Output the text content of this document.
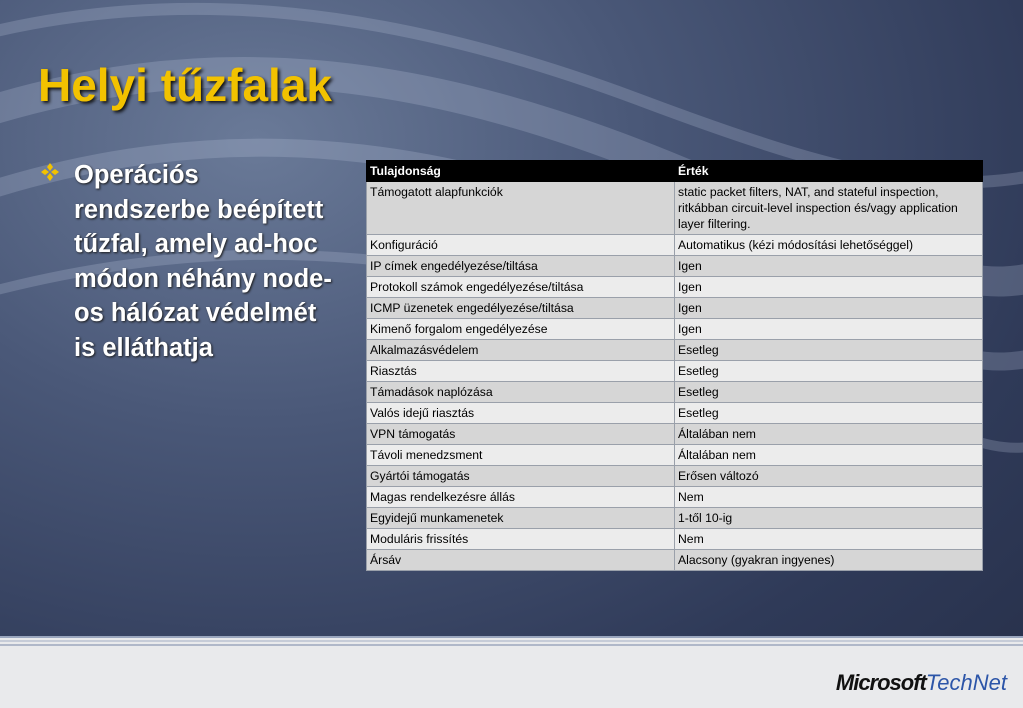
Helyi tűzfalak
Operációs rendszerbe beépített tűzfal, amely ad-hoc módon néhány node-os hálózat védelmét is elláthatja
Tulajdonság	Érték
Támogatott alapfunkciók	static packet filters, NAT, and stateful inspection, ritkábban circuit-level inspection és/vagy application layer filtering.
Konfiguráció	Automatikus (kézi módosítási lehetőséggel)
IP címek engedélyezése/tiltása	Igen
Protokoll számok engedélyezése/tiltása	Igen
ICMP üzenetek engedélyezése/tiltása	Igen
Kimenő forgalom engedélyezése	Igen
Alkalmazásvédelem	Esetleg
Riasztás	Esetleg
Támadások naplózása	Esetleg
Valós idejű riasztás	Esetleg
VPN támogatás	Általában nem
Távoli menedzsment	Általában nem
Gyártói támogatás	Erősen változó
Magas rendelkezésre állás	Nem
Egyidejű munkamenetek	1-től 10-ig
Moduláris frissítés	Nem
Ársáv	Alacsony (gyakran ingyenes)
MicrosoftTechNet
